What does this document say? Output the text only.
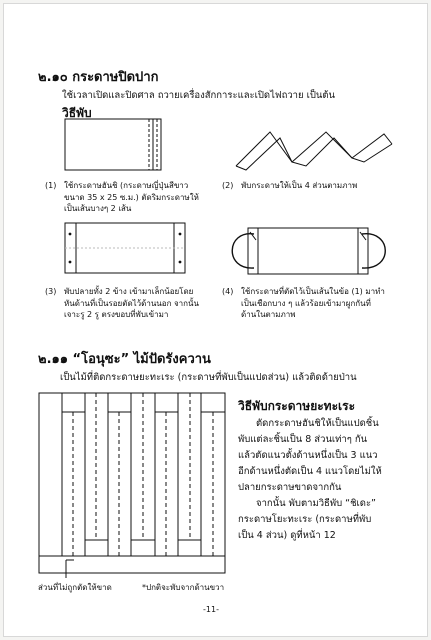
๒.๑๐ กระดาษปิดปาก
ใช้เวลาเปิดและปิดศาล ถวายเครื่องสักการะและเปิดไฟถวาย เป็นต้น
วิธีพับ
(1) ใช้กระดาษฮันชิ (กระดาษญี่ปุ่นสีขาว
ขนาด 35 x 25 ซ.ม.) ตัดริมกระดาษให้
เป็นเส้นบางๆ 2 เส้น
(2) พับกระดาษให้เป็น 4 ส่วนตามภาพ
(3) พับปลายทั้ง 2 ข้าง เข้ามาเล็กน้อยโดย
หันด้านที่เป็นรอยตัดไว้ด้านนอก จากนั้น
เจาะรู 2 รู ตรงขอบที่พับเข้ามา
(4) ใช้กระดาษที่ตัดไว้เป็นเส้นในข้อ (1) มาทำ
เป็นเชือกบาง ๆ แล้วร้อยเข้ามาผูกกันที่
ด้านในตามภาพ
๒.๑๑ “โอนุซะ” ไม้ปัดรังควาน
เป็นไม้ที่ติดกระดาษยะทะเระ (กระดาษที่พับเป็นแปดส่วน) แล้วติดด้ายป่าน
วิธีพับกระดาษยะทะเระ
ตัดกระดาษฮันชิให้เป็นแปดชิ้น
พับแต่ละชิ้นเป็น 8 ส่วนเท่าๆ กัน
แล้วตัดแนวตั้งด้านหนึ่งเป็น 3 แนว
อีกด้านหนึ่งตัดเป็น 4 แนวโดยไม่ให้
ปลายกระดาษขาดจากกัน
จากนั้น พับตามวิธีพับ “ชิเดะ”
กระดาษโยะทะเระ (กระดาษที่พับ
เป็น 4 ส่วน) ดูที่หน้า 12
ส่วนที่ไม่ถูกตัดให้ขาด	*ปกติจะพับจากด้านขวา
-11-
